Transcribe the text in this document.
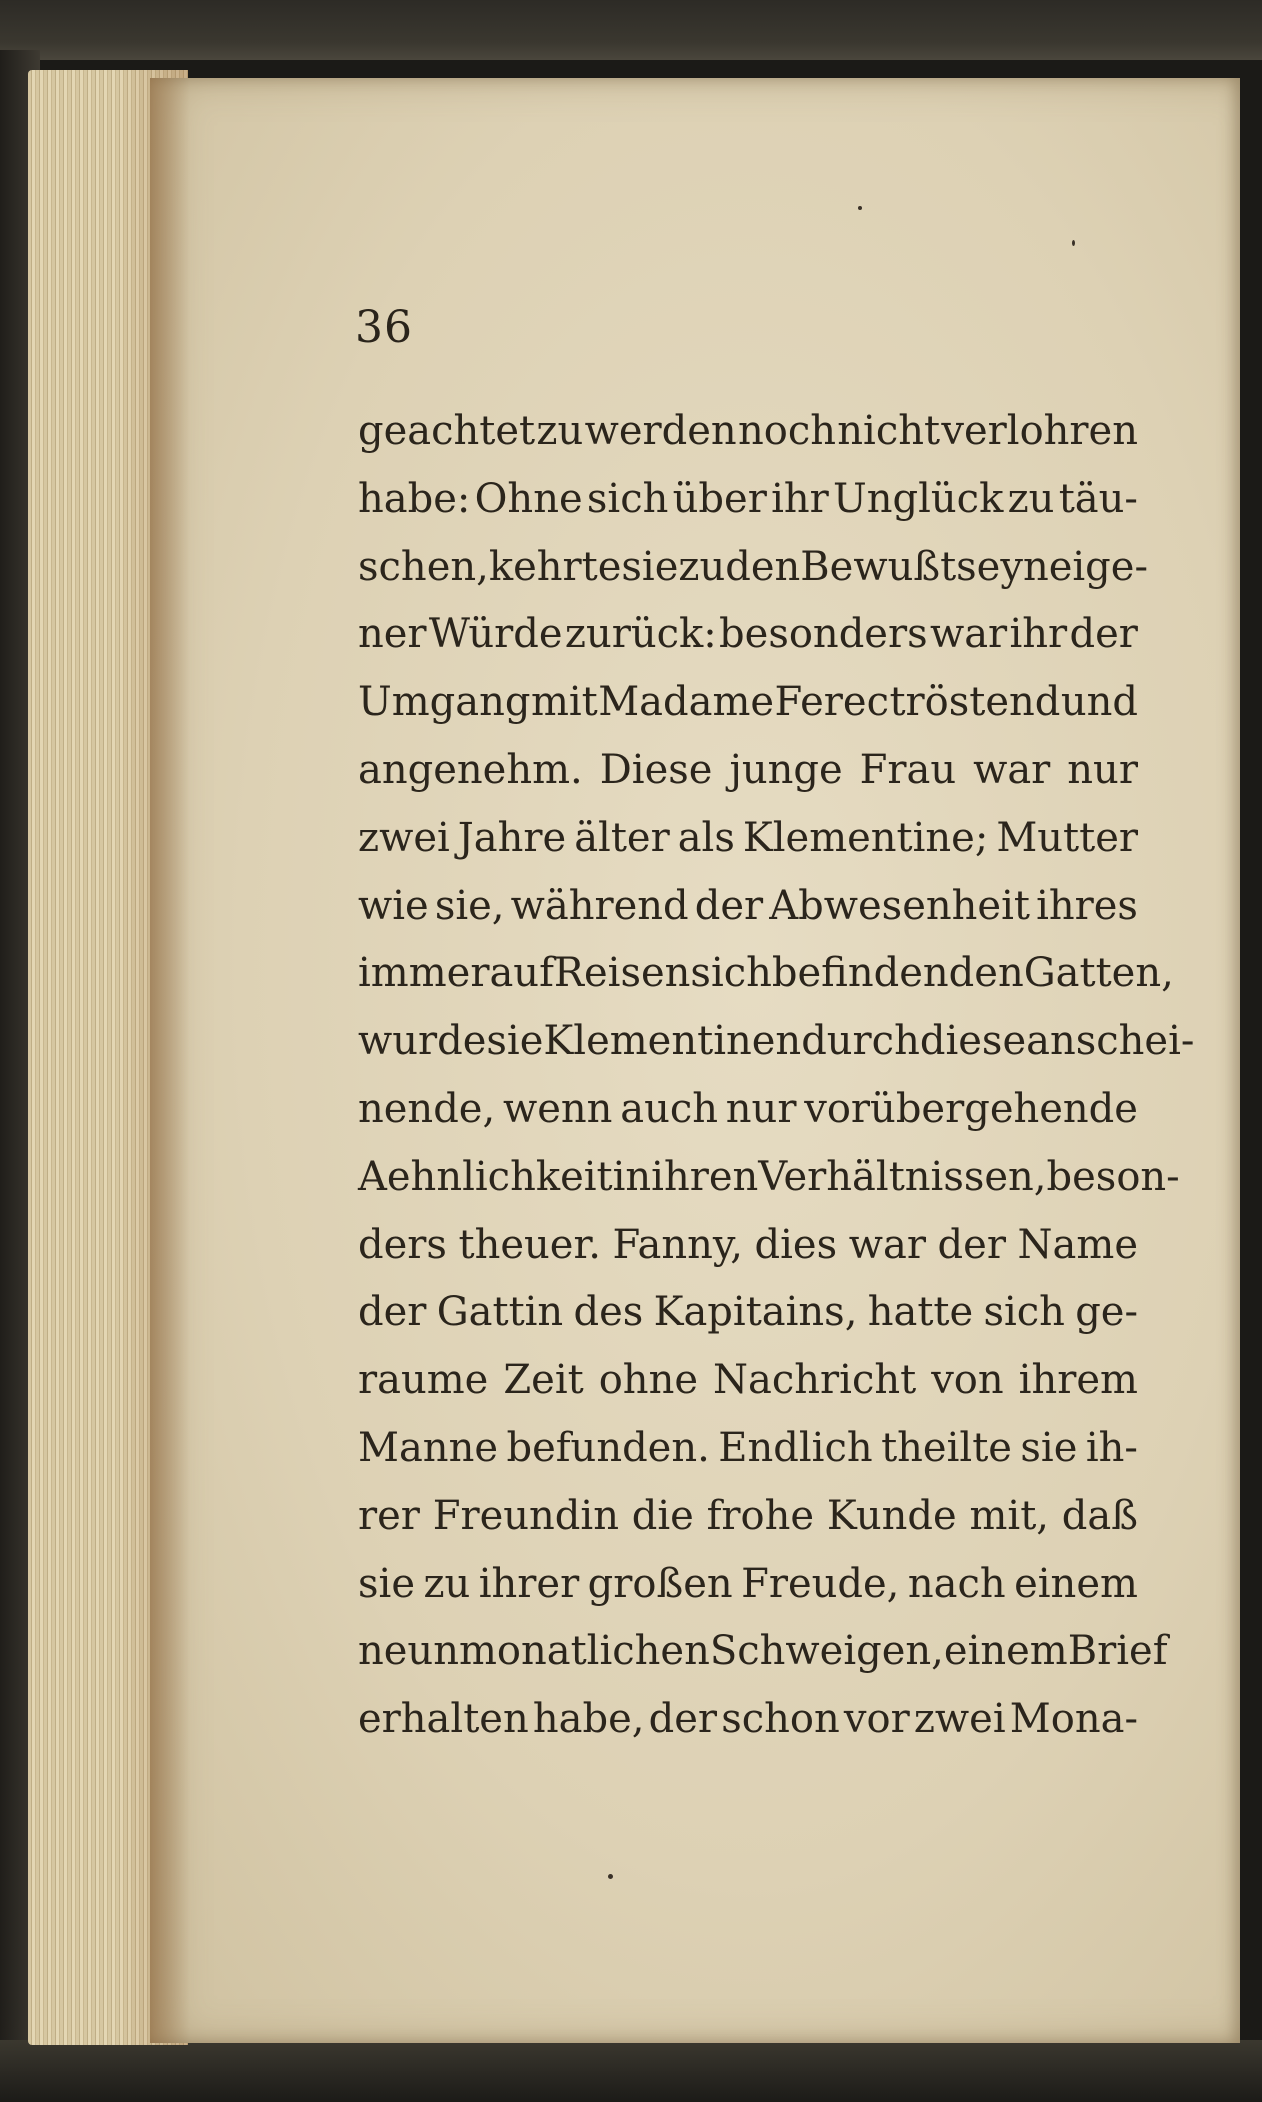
36
geachtet zu werden noch nicht verlohren
habe: Ohne sich über ihr Unglück zu täu-
schen, kehrte sie zu den Bewußtseyn eige-
ner Würde zurück: besonders war ihr der
Umgang mit Madame Ferec tröstend und
angenehm. Diese junge Frau war nur
zwei Jahre älter als Klementine; Mutter
wie sie, während der Abwesenheit ihres
immer auf Reisen sich befindenden Gatten,
wurde sie Klementinen durch diese anschei-
nende, wenn auch nur vorübergehende
Aehnlichkeit in ihren Verhältnissen, beson-
ders theuer. Fanny, dies war der Name
der Gattin des Kapitains, hatte sich ge-
raume Zeit ohne Nachricht von ihrem
Manne befunden. Endlich theilte sie ih-
rer Freundin die frohe Kunde mit, daß
sie zu ihrer großen Freude, nach einem
neun monatlichen Schweigen, einem Brief
erhalten habe, der schon vor zwei Mona-
